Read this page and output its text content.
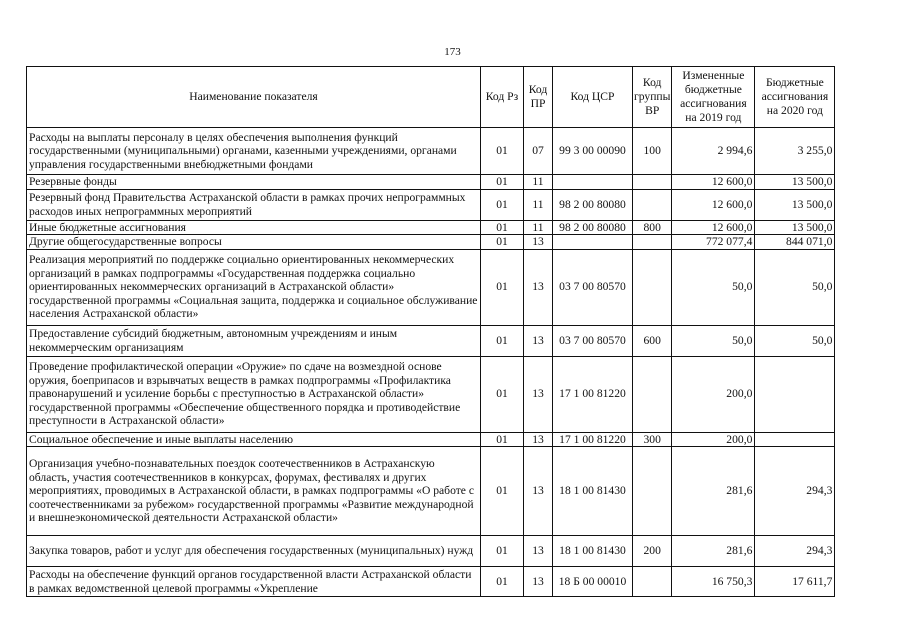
173
Наименование показателя	Код Рз	Код ПР	Код ЦСР	Код группы ВР	Измененные бюджетные ассигнования на 2019 год	Бюджетные ассигнования на 2020 год
Расходы на выплаты персоналу в целях обеспечения выполнения функций государственными (муниципальными) органами, казенными учреждениями, органами управления государственными внебюджетными фондами	01	07	99 3 00 00090	100	2 994,6	3 255,0
Резервные фонды	01	11			12 600,0	13 500,0
Резервный фонд Правительства Астраханской области в рамках прочих непрограммных расходов иных непрограммных мероприятий	01	11	98 2 00 80080		12 600,0	13 500,0
Иные бюджетные ассигнования	01	11	98 2 00 80080	800	12 600,0	13 500,0
Другие общегосударственные вопросы	01	13			772 077,4	844 071,0
Реализация мероприятий по поддержке социально ориентированных некоммерческих организаций в рамках подпрограммы «Государственная поддержка социально ориентированных некоммерческих организаций в Астраханской области» государственной программы «Социальная защита, поддержка и социальное обслуживание населения Астраханской области»	01	13	03 7 00 80570		50,0	50,0
Предоставление субсидий бюджетным, автономным учреждениям и иным некоммерческим организациям	01	13	03 7 00 80570	600	50,0	50,0
Проведение профилактической операции «Оружие» по сдаче на возмездной основе оружия, боеприпасов и взрывчатых веществ в рамках подпрограммы «Профилактика правонарушений и усиление борьбы с преступностью в Астраханской области» государственной программы «Обеспечение общественного порядка и противодействие преступности в Астраханской области»	01	13	17 1 00 81220		200,0	
Социальное обеспечение и иные выплаты населению	01	13	17 1 00 81220	300	200,0	
Организация учебно-познавательных поездок соотечественников в Астраханскую область, участия соотечественников в конкурсах, форумах, фестивалях и других мероприятиях, проводимых в Астраханской области, в рамках подпрограммы «О работе с соотечественниками за рубежом» государственной программы «Развитие международной и внешнеэкономической деятельности Астраханской области»	01	13	18 1 00 81430		281,6	294,3
Закупка товаров, работ и услуг для обеспечения государственных (муниципальных) нужд	01	13	18 1 00 81430	200	281,6	294,3
Расходы на обеспечение функций органов государственной власти Астраханской области в рамках ведомственной целевой программы «Укрепление	01	13	18 Б 00 00010		16 750,3	17 611,7
